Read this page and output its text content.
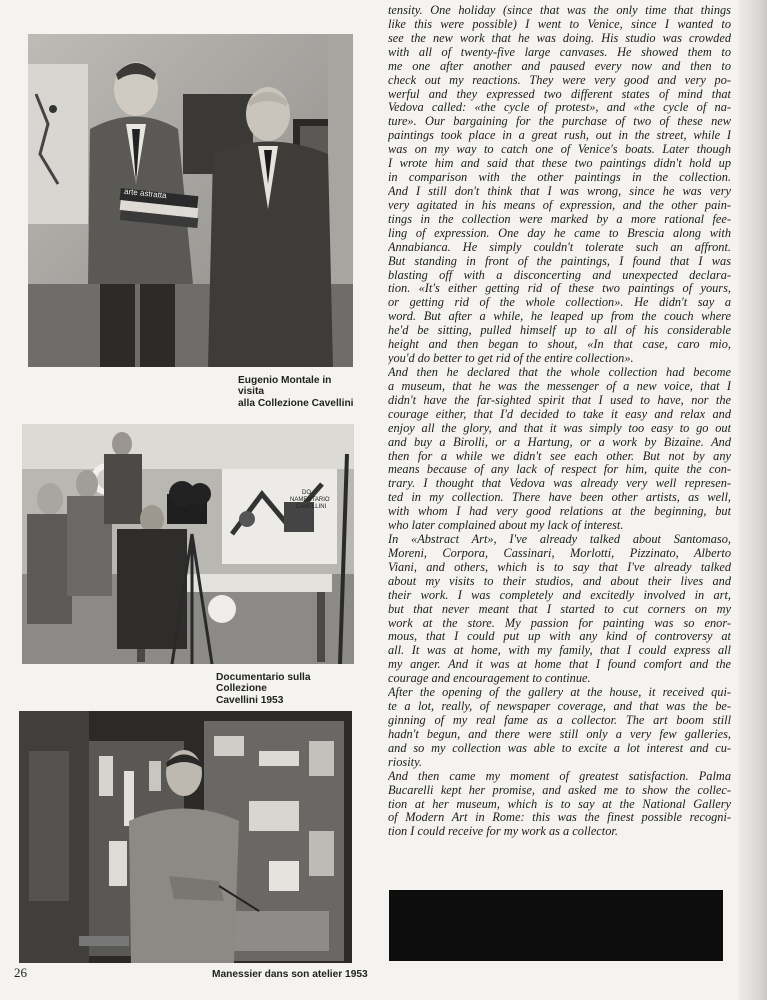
arte astratta
DO
NAMENTARIO
CAVELLINI
Eugenio Montale in visita
alla Collezione Cavellini
Documentario sulla Collezione
Cavellini 1953
Manessier dans son atelier 1953
26
tensity. One holiday (since that was the only time that things
like this were possible) I went to Venice, since I wanted to
see the new work that he was doing. His studio was crowded
with all of twenty-five large canvases. He showed them to
me one after another and paused every now and then to
check out my reactions. They were very good and very po-
werful and they expressed two different states of mind that
Vedova called: «the cycle of protest», and «the cycle of na-
ture». Our bargaining for the purchase of two of these new
paintings took place in a great rush, out in the street, while I
was on my way to catch one of Venice's boats. Later though
I wrote him and said that these two paintings didn't hold up
in comparison with the other paintings in the collection.
And I still don't think that I was wrong, since he was very
very agitated in his means of expression, and the other pain-
tings in the collection were marked by a more rational fee-
ling of expression. One day he came to Brescia along with
Annabianca. He simply couldn't tolerate such an affront.
But standing in front of the paintings, I found that I was
blasting off with a disconcerting and unexpected declara-
tion. «It's either getting rid of these two paintings of yours,
or getting rid of the whole collection». He didn't say a
word. But after a while, he leaped up from the couch where
he'd be sitting, pulled himself up to all of his considerable
height and then began to shout, «In that case, caro mio,
you'd do better to get rid of the entire collection».
And then he declared that the whole collection had become
a museum, that he was the messenger of a new voice, that I
didn't have the far-sighted spirit that I used to have, nor the
courage either, that I'd decided to take it easy and relax and
enjoy all the glory, and that it was simply too easy to go out
and buy a Birolli, or a Hartung, or a work by Bizaine. And
then for a while we didn't see each other. But not by any
means because of any lack of respect for him, quite the con-
trary. I thought that Vedova was already very well represen-
ted in my collection. There have been other artists, as well,
with whom I had very good relations at the beginning, but
who later complained about my lack of interest.
In «Abstract Art», I've already talked about Santomaso,
Moreni, Corpora, Cassinari, Morlotti, Pizzinato, Alberto
Viani, and others, which is to say that I've already talked
about my visits to their studios, and about their lives and
their work. I was completely and excitedly involved in art,
but that never meant that I started to cut corners on my
work at the store. My passion for painting was so enor-
mous, that I could put up with any kind of controversy at
all. It was at home, with my family, that I could express all
my anger. And it was at home that I found comfort and the
courage and encouragement to continue.
After the opening of the gallery at the house, it received qui-
te a lot, really, of newspaper coverage, and that was the be-
ginning of my real fame as a collector. The art boom still
hadn't begun, and there were still only a very few galleries,
and so my collection was able to excite a lot interest and cu-
riosity.
And then came my moment of greatest satisfaction. Palma
Bucarelli kept her promise, and asked me to show the collec-
tion at her museum, which is to say at the National Gallery
of Modern Art in Rome: this was the finest possible recogni-
tion I could receive for my work as a collector.
